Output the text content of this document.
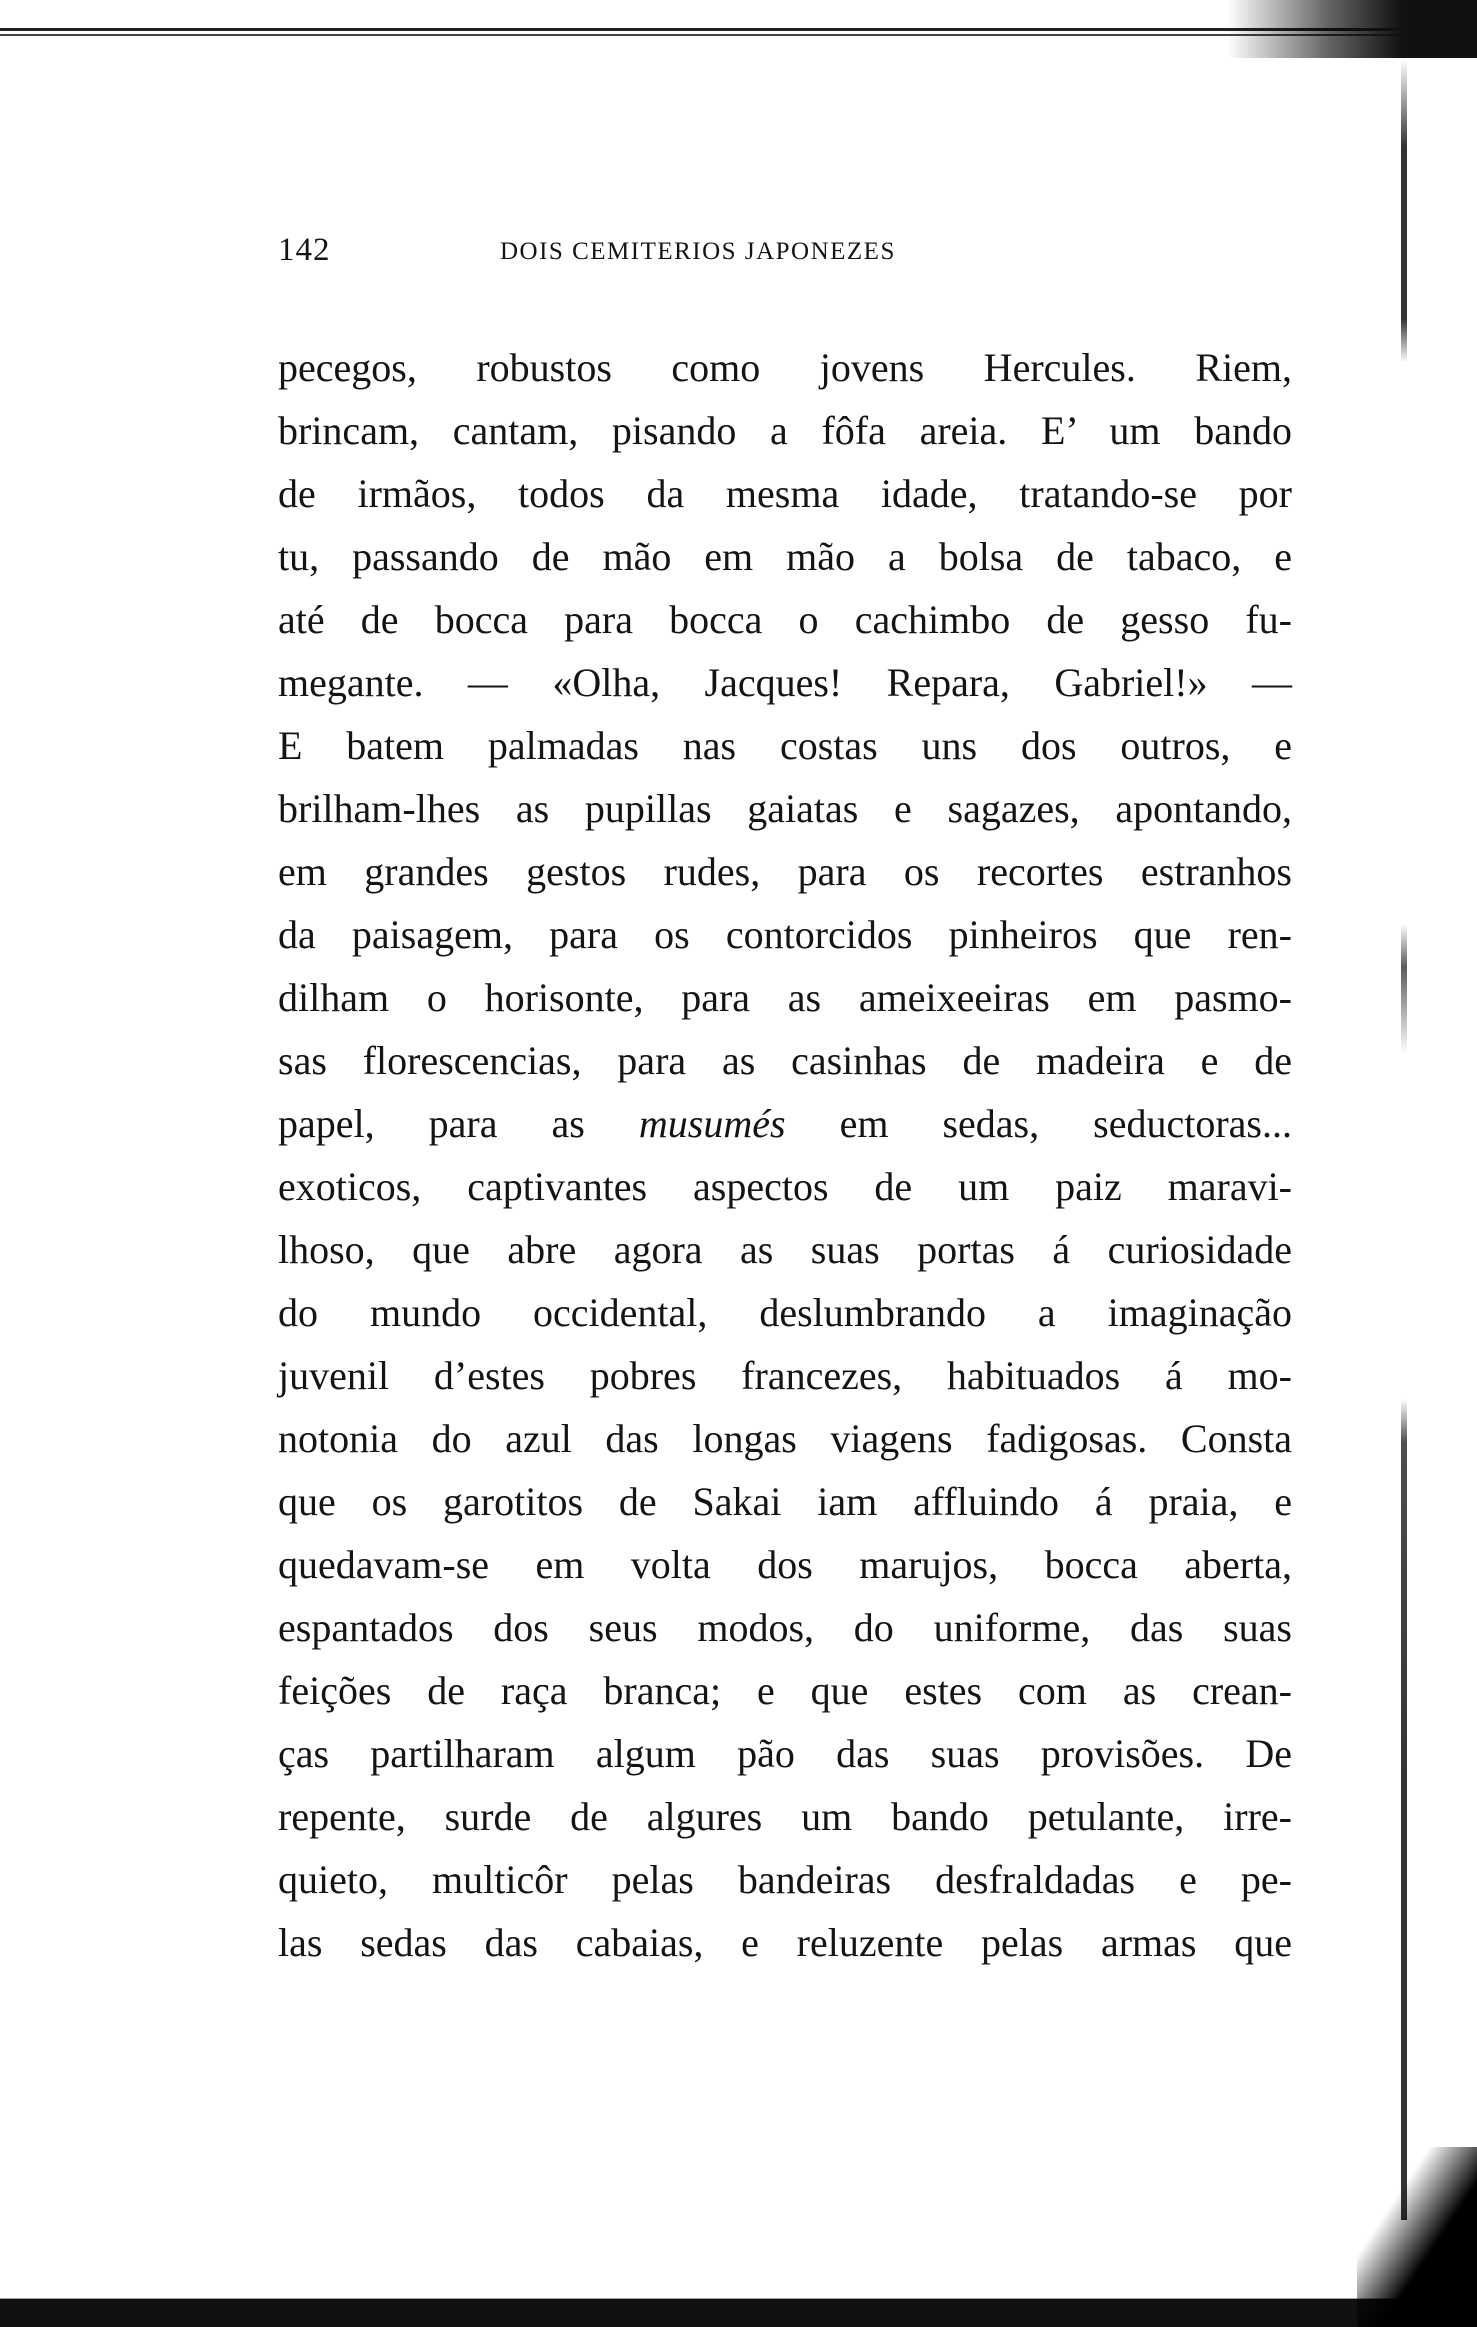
142	DOIS CEMITERIOS JAPONEZES
pecegos, robustos como jovens Hercules. Riem,
brincam, cantam, pisando a fôfa areia. E’ um bando
de irmãos, todos da mesma idade, tratando-se por
tu, passando de mão em mão a bolsa de tabaco, e
até de bocca para bocca o cachimbo de gesso fu-
megante. — «Olha, Jacques! Repara, Gabriel!» —
E batem palmadas nas costas uns dos outros, e
brilham-lhes as pupillas gaiatas e sagazes, apontando,
em grandes gestos rudes, para os recortes estranhos
da paisagem, para os contorcidos pinheiros que ren-
dilham o horisonte, para as ameixeeiras em pasmo-
sas florescencias, para as casinhas de madeira e de
papel, para as musumés em sedas, seductoras...
exoticos, captivantes aspectos de um paiz maravi-
lhoso, que abre agora as suas portas á curiosidade
do mundo occidental, deslumbrando a imaginação
juvenil d’estes pobres francezes, habituados á mo-
notonia do azul das longas viagens fadigosas. Consta
que os garotitos de Sakai iam affluindo á praia, e
quedavam-se em volta dos marujos, bocca aberta,
espantados dos seus modos, do uniforme, das suas
feições de raça branca; e que estes com as crean-
ças partilharam algum pão das suas provisões. De
repente, surde de algures um bando petulante, irre-
quieto, multicôr pelas bandeiras desfraldadas e pe-
las sedas das cabaias, e reluzente pelas armas que
